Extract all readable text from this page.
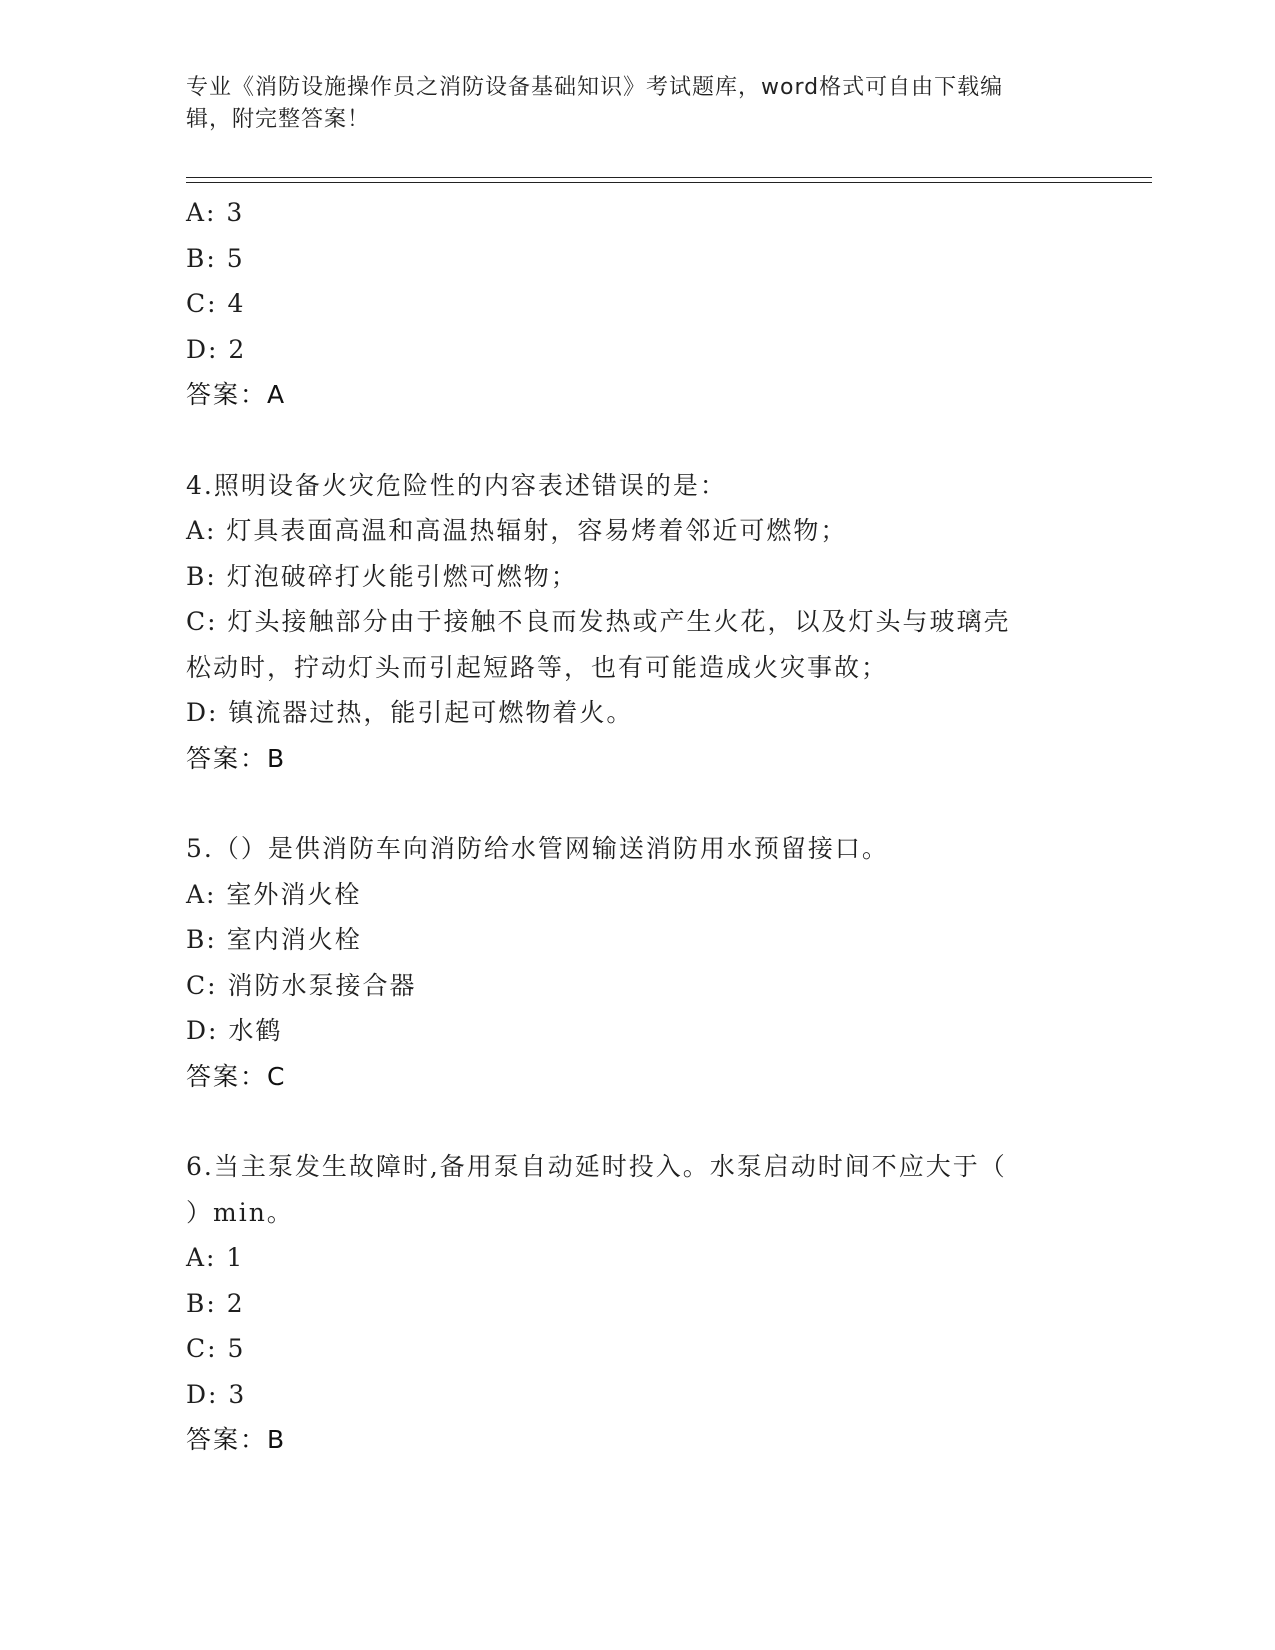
专业《消防设施操作员之消防设备基础知识》考试题库，word格式可自由下载编
辑，附完整答案！
A: 3
B: 5
C: 4
D: 2
答案：A
4.照明设备火灾危险性的内容表述错误的是：
A: 灯具表面高温和高温热辐射，容易烤着邻近可燃物；
B: 灯泡破碎打火能引燃可燃物；
C: 灯头接触部分由于接触不良而发热或产生火花，以及灯头与玻璃壳
松动时，拧动灯头而引起短路等，也有可能造成火灾事故；
D: 镇流器过热，能引起可燃物着火。
答案：B
5.（）是供消防车向消防给水管网输送消防用水预留接口。
A: 室外消火栓
B: 室内消火栓
C: 消防水泵接合器
D: 水鹤
答案：C
6.当主泵发生故障时,备用泵自动延时投入。水泵启动时间不应大于（
）min。
A: 1
B: 2
C: 5
D: 3
答案：B
